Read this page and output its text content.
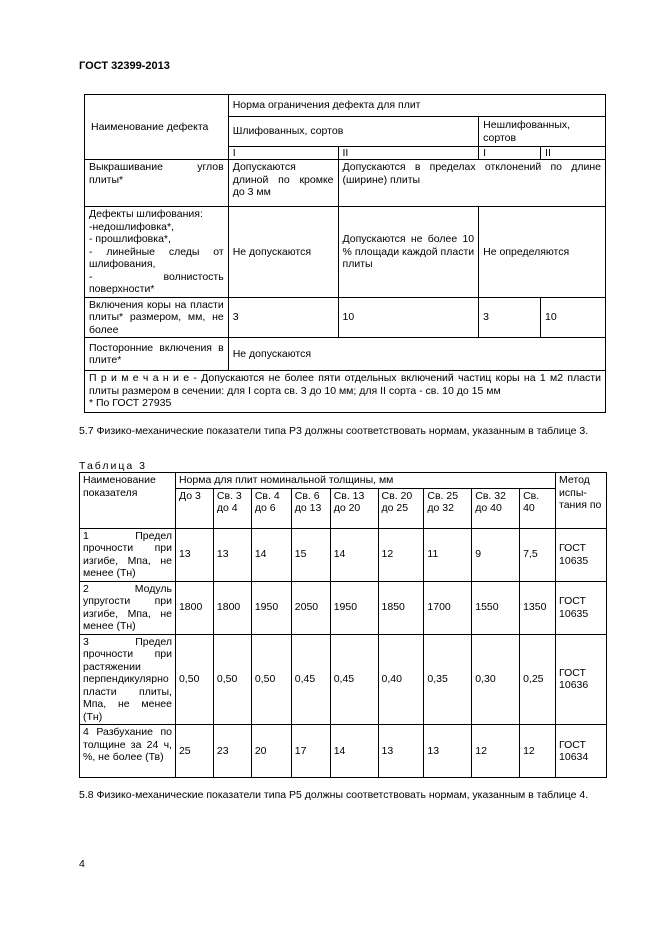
ГОСТ 32399-2013
Наименование дефекта	Норма ограничения дефекта для плит			
	Шлифованных, сортов		Нешлифованных, сортов	
	I	II	I	II
Выкрашивание углов плиты*	Допускаются длиной по кромке до 3 мм	Допускаются в пределах отклонений по длине (ширине) плиты		

Дефекты шлифования:
-недошлифовка*,
- прошлифовка*,
- линейные следы от шлифования,
- волнистость поверхности*	Не допускаются	Допускаются не более 10 % площади каждой пласти плиты	Не определяются	
Включения коры на пласти плиты* размером, мм, не более	3	10	3	10
Посторонние включения в плите*	Не допускаются			

П р и м е ч а н и е - Допускаются не более пяти отдельных включений частиц коры на 1 м2 пласти плиты размером в сечении: для I сорта св. 3 до 10 мм; для II сорта - св. 10 до 15 мм
* По ГОСТ 27935				
5.7 Физико-механические показатели типа Р3 должны соответствовать нормам, указанным в таблице 3.
Таблица 3
Наименование показателя	Норма для плит номинальной толщины, мм									Метод испы-тания по
	До 3	Св. 3 до 4	Св. 4 до 6	Св. 6 до 13	Св. 13 до 20	Св. 20 до 25	Св. 25 до 32	Св. 32 до 40	Св. 40	
1 Предел прочности при изгибе, Мпа, не менее (Тн)	13	13	14	15	14	12	11	9	7,5	ГОСТ 10635
2 Модуль упругости при изгибе, Мпа, не менее (Тн)	1800	1800	1950	2050	1950	1850	1700	1550	1350	ГОСТ 10635
3 Предел прочности при растяжении перпендикулярно пласти плиты, Мпа, не менее (Тн)	0,50	0,50	0,50	0,45	0,45	0,40	0,35	0,30	0,25	ГОСТ 10636
4 Разбухание по толщине за 24 ч, %, не более (Тв)	25	23	20	17	14	13	13	12	12	ГОСТ 10634
5.8 Физико-механические показатели типа Р5 должны соответствовать нормам, указанным в таблице 4.
4
